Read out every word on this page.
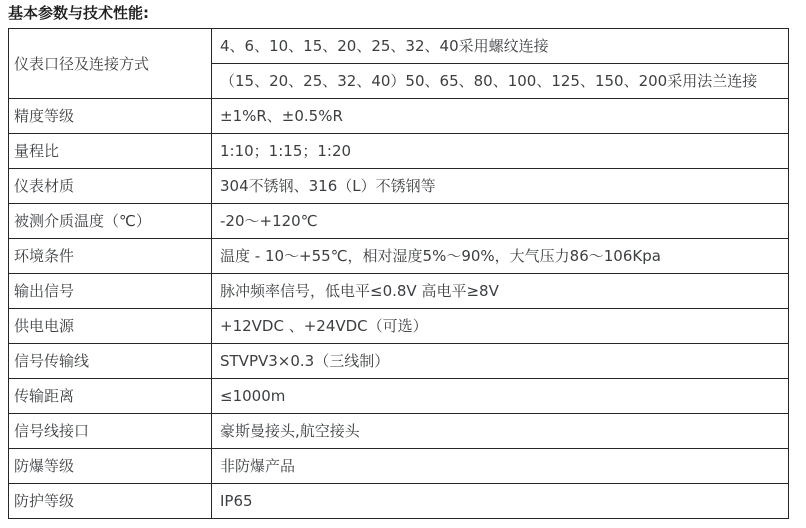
基本参数与技术性能:
仪表口径及连接方式	4、6、10、15、20、25、32、40采用螺纹连接
	（15、20、25、32、40）50、65、80、100、125、150、200采用法兰连接
精度等级	±1%R、±0.5%R
量程比	1:10；1:15；1:20
仪表材质	304不锈钢、316（L）不锈钢等
被测介质温度（℃）	-20～+120℃
环境条件	温度 - 10～+55℃，相对湿度5%～90%，大气压力86～106Kpa
输出信号	脉冲频率信号，低电平≤0.8V 高电平≥8V
供电电源	+12VDC 、+24VDC（可选）
信号传输线	STVPV3×0.3（三线制）
传输距离	≤1000m
信号线接口	豪斯曼接头,航空接头
防爆等级	非防爆产品
防护等级	IP65
